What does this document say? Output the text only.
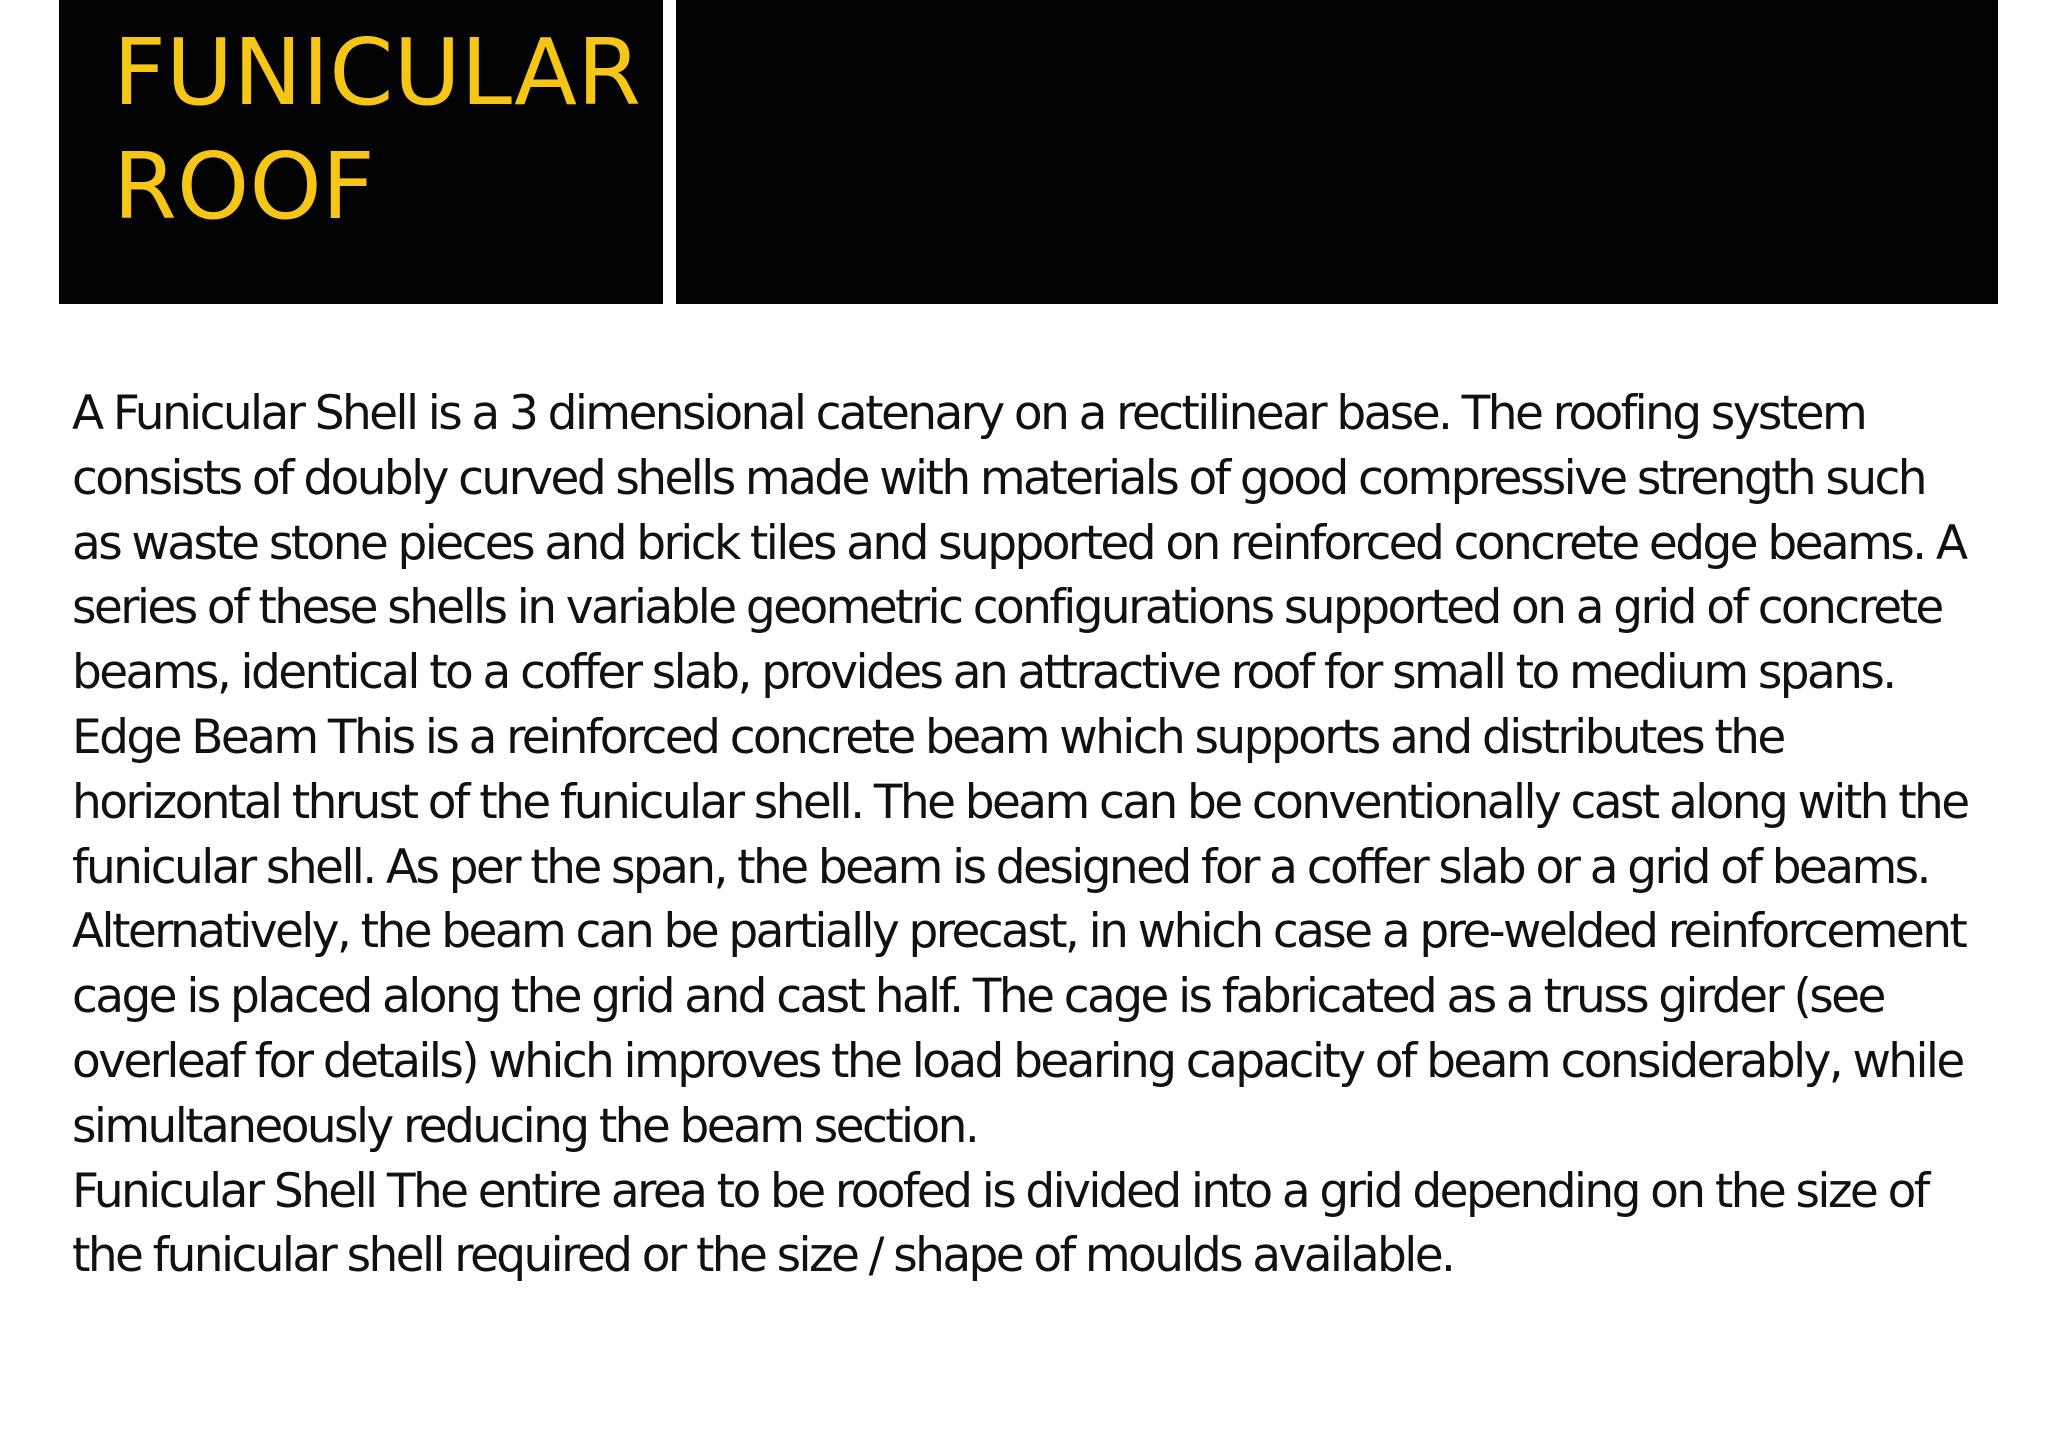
FUNICULAR
ROOF
A Funicular Shell is a 3 dimensional catenary on a rectilinear base. The roofing system consists of doubly curved shells made with materials of good compressive strength such as waste stone pieces and brick tiles and supported on reinforced concrete edge beams. A series of these shells in variable geometric configurations supported on a grid of concrete beams, identical to a coffer slab, provides an attractive roof for small to medium spans.
Edge Beam This is a reinforced concrete beam which supports and distributes the horizontal thrust of the funicular shell. The beam can be conventionally cast along with the funicular shell. As per the span, the beam is designed for a coffer slab or a grid of beams. Alternatively, the beam can be partially precast, in which case a pre-welded reinforcement cage is placed along the grid and cast half. The cage is fabricated as a truss girder (see overleaf for details) which improves the load bearing capacity of beam considerably, while simultaneously reducing the beam section.
Funicular Shell The entire area to be roofed is divided into a grid depending on the size of the funicular shell required or the size / shape of moulds available.
